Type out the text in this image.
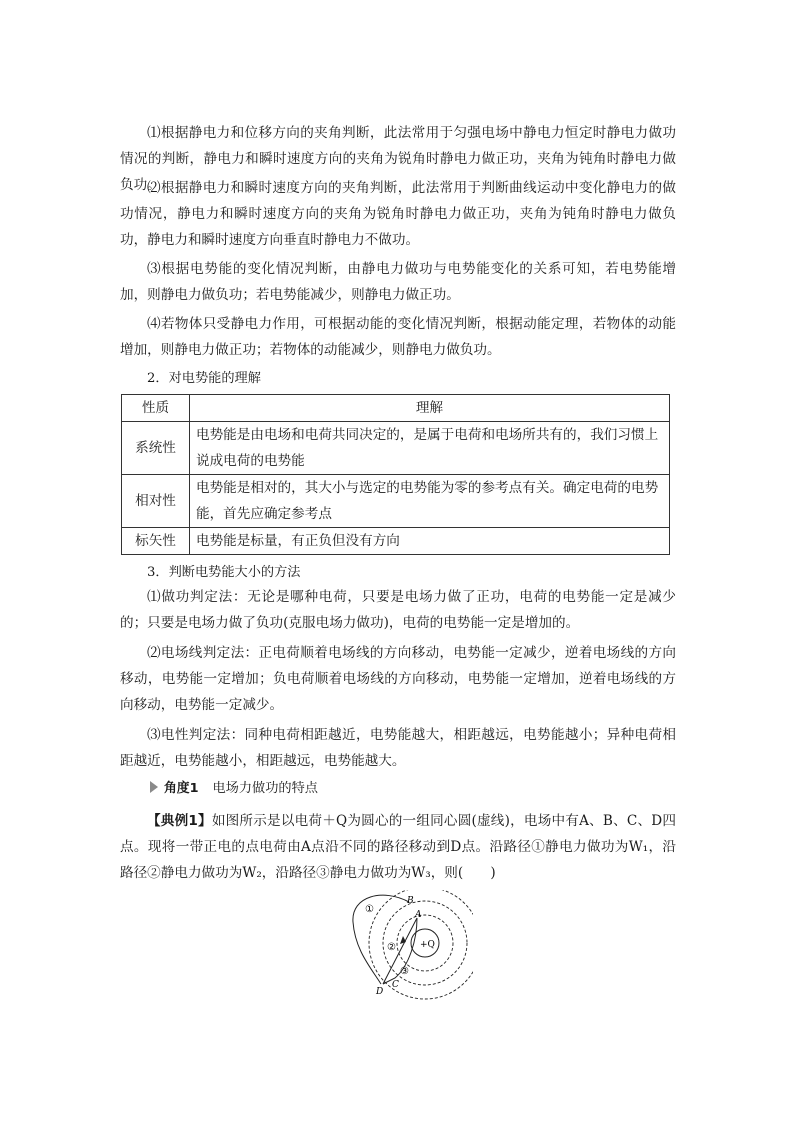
⑴根据静电力和位移方向的夹角判断，此法常用于匀强电场中静电力恒定时静电力做功情况的判断，静电力和瞬时速度方向的夹角为锐角时静电力做正功，夹角为钝角时静电力做负功。

⑵根据静电力和瞬时速度方向的夹角判断，此法常用于判断曲线运动中变化静电力的做功情况，静电力和瞬时速度方向的夹角为锐角时静电力做正功，夹角为钝角时静电力做负功，静电力和瞬时速度方向垂直时静电力不做功。

⑶根据电势能的变化情况判断，由静电力做功与电势能变化的关系可知，若电势能增加，则静电力做负功；若电势能减少，则静电力做正功。

⑷若物体只受静电力作用，可根据动能的变化情况判断，根据动能定理，若物体的动能增加，则静电力做正功；若物体的动能减少，则静电力做负功。

2．对电势能的理解

性质	理解
系统性	电势能是由电场和电荷共同决定的，是属于电荷和电场所共有的，我们习惯上说成电荷的电势能
相对性	电势能是相对的，其大小与选定的电势能为零的参考点有关。确定电荷的电势能，首先应确定参考点
标矢性	电势能是标量，有正负但没有方向

3．判断电势能大小的方法

⑴做功判定法：无论是哪种电荷，只要是电场力做了正功，电荷的电势能一定是减少的；只要是电场力做了负功(克服电场力做功)，电荷的电势能一定是增加的。

⑵电场线判定法：正电荷顺着电场线的方向移动，电势能一定减少，逆着电场线的方向移动，电势能一定增加；负电荷顺着电场线的方向移动，电势能一定增加，逆着电场线的方向移动，电势能一定减少。

⑶电性判定法：同种电荷相距越近，电势能越大，相距越远，电势能越小；异种电荷相距越近，电势能越小，相距越远，电势能越大。

角度1 电场力做功的特点

【典例1】如图所示是以电荷＋Q为圆心的一组同心圆(虚线)，电场中有A、B、C、D四点。现将一带正电的点电荷由A点沿不同的路径移动到D点。沿路径①静电力做功为W₁，沿路径②静电力做功为W₂，沿路径③静电力做功为W₃，则(　　)

+Q
A
B
C
D
①
②
③
